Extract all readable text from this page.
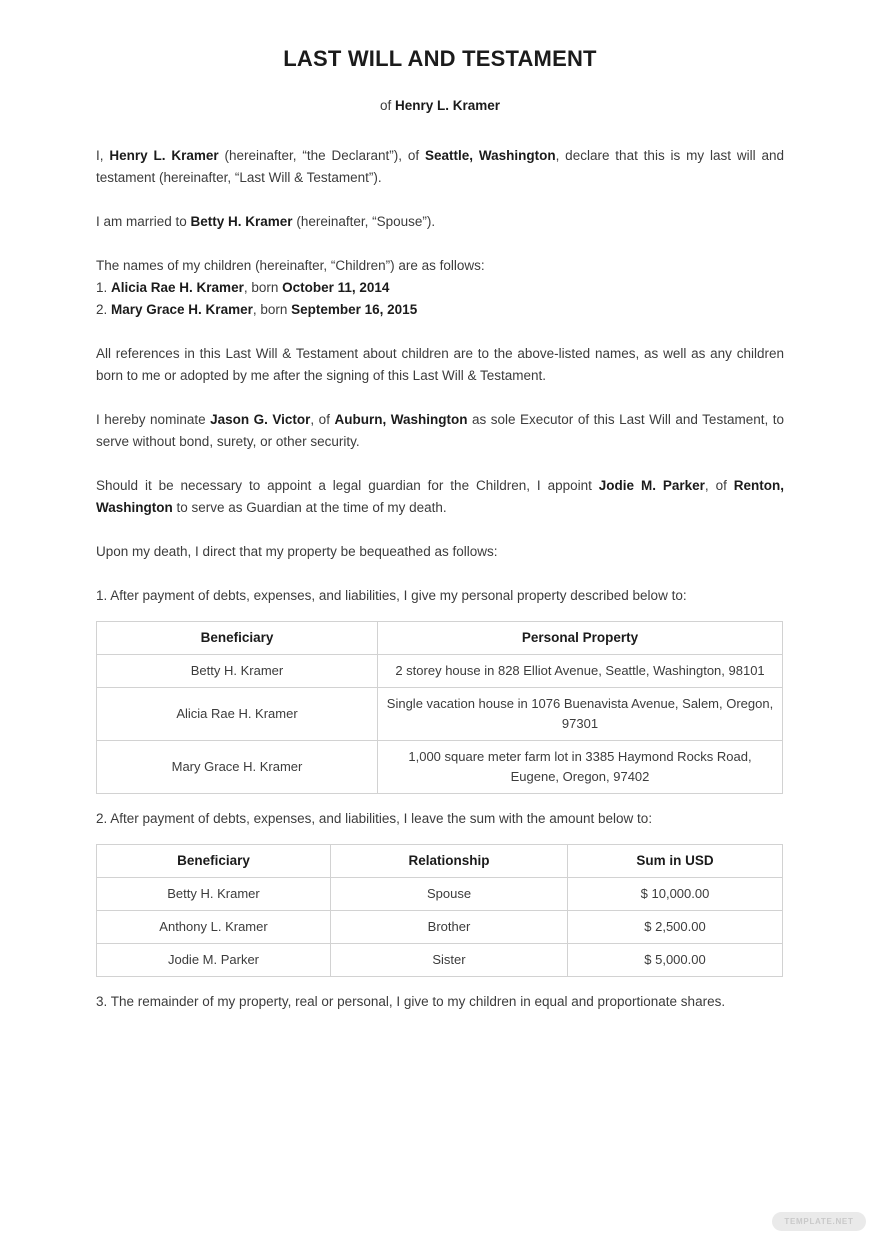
LAST WILL AND TESTAMENT

of Henry L. Kramer

I, Henry L. Kramer (hereinafter, “the Declarant”), of Seattle, Washington, declare that this is my last will and testament (hereinafter, “Last Will & Testament”).

I am married to Betty H. Kramer (hereinafter, “Spouse”).

The names of my children (hereinafter, “Children”) are as follows:

1. Alicia Rae H. Kramer, born October 11, 2014

2. Mary Grace H. Kramer, born September 16, 2015

All references in this Last Will & Testament about children are to the above-listed names, as well as any children born to me or adopted by me after the signing of this Last Will & Testament.

I hereby nominate Jason G. Victor, of Auburn, Washington as sole Executor of this Last Will and Testament, to serve without bond, surety, or other security.

Should it be necessary to appoint a legal guardian for the Children, I appoint Jodie M. Parker, of Renton, Washington to serve as Guardian at the time of my death.

Upon my death, I direct that my property be bequeathed as follows:

1. After payment of debts, expenses, and liabilities, I give my personal property described below to:

Beneficiary	Personal Property
Betty H. Kramer	2 storey house in 828 Elliot Avenue, Seattle, Washington, 98101
Alicia Rae H. Kramer	Single vacation house in 1076 Buenavista Avenue, Salem, Oregon, 97301
Mary Grace H. Kramer	1,000 square meter farm lot in 3385 Haymond Rocks Road, Eugene, Oregon, 97402

2. After payment of debts, expenses, and liabilities, I leave the sum with the amount below to:

Beneficiary	Relationship	Sum in USD
Betty H. Kramer	Spouse	$ 10,000.00
Anthony L. Kramer	Brother	$ 2,500.00
Jodie M. Parker	Sister	$ 5,000.00

3. The remainder of my property, real or personal, I give to my children in equal and proportionate shares.

TEMPLATE.NET
